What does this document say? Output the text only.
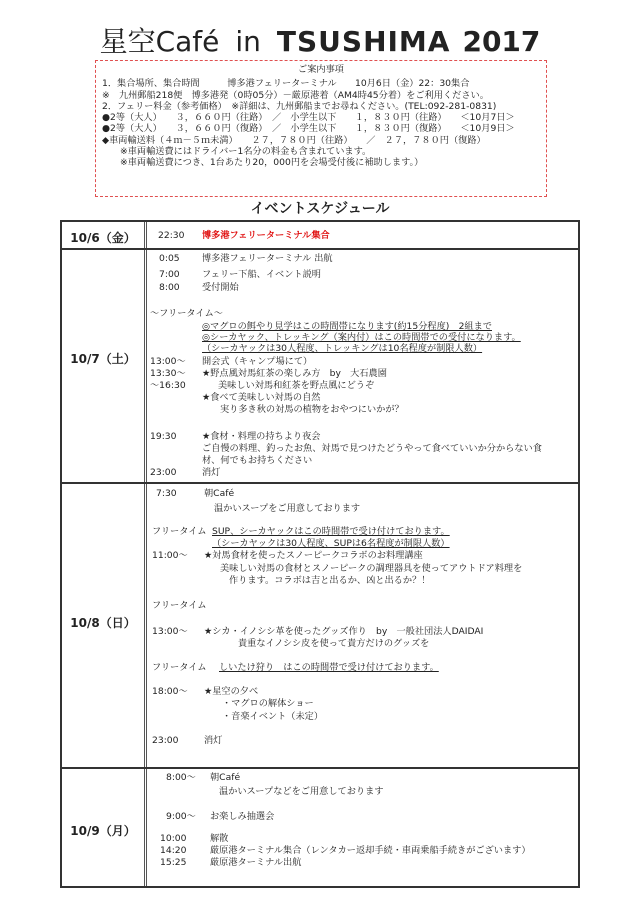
星空Café in TSUSHIMA 2017
ご案内事項
1．集合場所、集合時間　　　博多港フェリーターミナル　　10月6日（金）22：30集合
※　九州郵船218便　博多港発（0時05分）－厳原港着（AM4時45分着）をご利用ください。
2．フェリー料金（参考価格）　※詳細は、九州郵船までお尋ねください。(TEL:092-281-0831)
●2等（大人）　　３，６６０円（往路）　／　小学生以下　　１，８３０円（往路）　　＜10月7日＞
●2等（大人）　　３，６６０円（復路）　／　小学生以下　　１，８３０円（復路）　　＜10月9日＞
◆車両輸送料（４ｍ－５ｍ未満）　　２７，７８０円（往路）　　／　２７，７８０円（復路）
※車両輸送費にはドライバー1名分の料金も含まれています。
※車両輸送費につき、1台あたり20，000円を会場受付後に補助します。）
イベントスケジュール
10/6（金）	22:30 博多港フェリーターミナル集合
10/7（土）
0:05 博多港フェリーターミナル 出航
7:00 フェリー下船、イベント説明
8:00 受付開始
～フリータイム～
◎マグロの餌やり見学はこの時間帯になります(約15分程度)　2組まで
◎シーカヤック、トレッキング（案内付）はこの時間帯での受付になります。
（シーカヤックは30人程度、トレッキングは10名程度が制限人数）
13:00～ 開会式（キャンプ場にて）
13:30～ ★野点風対馬紅茶の楽しみ方　by　大石農園
～16:30	美味しい対馬和紅茶を野点風にどうぞ
★食べて美味しい対馬の自然
実り多き秋の対馬の植物をおやつにいかが？
19:30	★食材・料理の持ちより夜会
ご自慢の料理、釣ったお魚、対馬で見つけたどうやって食べていいか分からない食
材、何でもお持ちください
23:00	消灯
10/8（日）
7:30	朝Café
温かいスープをご用意しております
フリータイム SUP、シーカヤックはこの時間帯で受け付けております。
（シーカヤックは30人程度、SUPは6名程度が制限人数）
11:00～ ★対馬食材を使ったスノーピークコラボのお料理講座
美味しい対馬の食材とスノーピークの調理器具を使ってアウトドア料理を
作ります。コラボは吉と出るか、凶と出るか？！
フリータイム
13:00～ ★シカ・イノシシ革を使ったグッズ作り　by　一般社団法人DAIDAI
貴重なイノシシ皮を使って貴方だけのグッズを
フリータイム しいたけ狩り　はこの時間帯で受け付けております。
18:00～ ★星空の夕べ
・マグロの解体ショー
・音楽イベント（未定）
23:00	消灯
10/9（月）
8:00～ 朝Café
温かいスープなどをご用意しております
9:00～ お楽しみ抽選会
10:00	解散
14:20	厳原港ターミナル集合（レンタカー返却手続・車両乗船手続きがございます）
15:25	厳原港ターミナル出航
